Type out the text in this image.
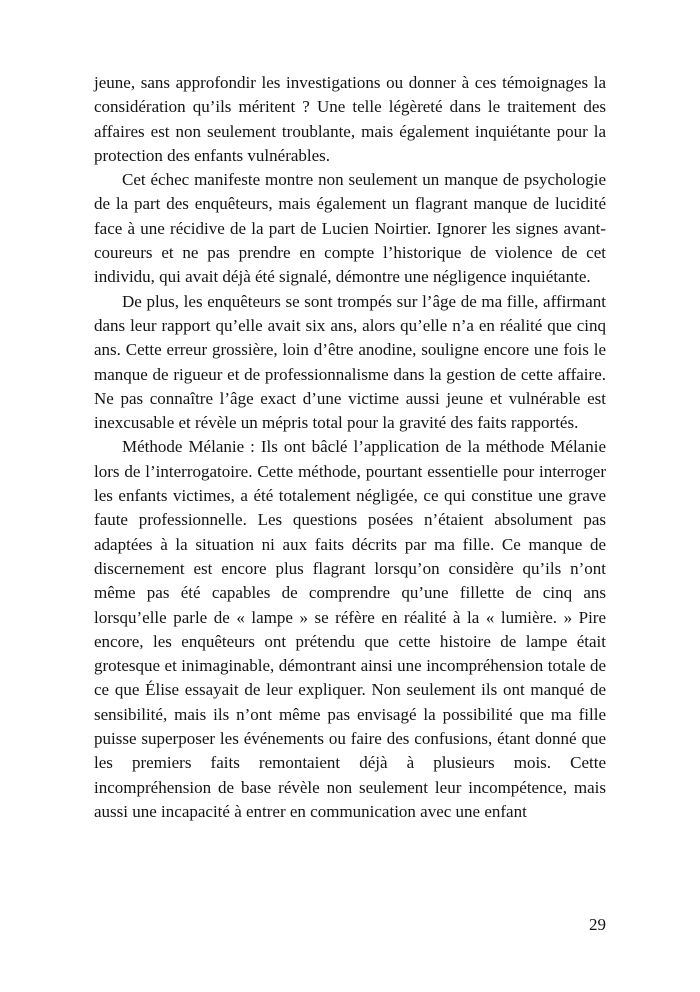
jeune, sans approfondir les investigations ou donner à ces témoignages la considération qu’ils méritent ? Une telle légèreté dans le traitement des affaires est non seulement troublante, mais également inquiétante pour la protection des enfants vulnérables.

Cet échec manifeste montre non seulement un manque de psychologie de la part des enquêteurs, mais également un flagrant manque de lucidité face à une récidive de la part de Lucien Noirtier. Ignorer les signes avant-coureurs et ne pas prendre en compte l’historique de violence de cet individu, qui avait déjà été signalé, démontre une négligence inquiétante.

De plus, les enquêteurs se sont trompés sur l’âge de ma fille, affirmant dans leur rapport qu’elle avait six ans, alors qu’elle n’a en réalité que cinq ans. Cette erreur grossière, loin d’être anodine, souligne encore une fois le manque de rigueur et de professionnalisme dans la gestion de cette affaire. Ne pas connaître l’âge exact d’une victime aussi jeune et vulnérable est inexcusable et révèle un mépris total pour la gravité des faits rapportés.

Méthode Mélanie : Ils ont bâclé l’application de la méthode Mélanie lors de l’interrogatoire. Cette méthode, pourtant essentielle pour interroger les enfants victimes, a été totalement négligée, ce qui constitue une grave faute professionnelle. Les questions posées n’étaient absolument pas adaptées à la situation ni aux faits décrits par ma fille. Ce manque de discernement est encore plus flagrant lorsqu’on considère qu’ils n’ont même pas été capables de comprendre qu’une fillette de cinq ans lorsqu’elle parle de « lampe » se réfère en réalité à la « lumière. » Pire encore, les enquêteurs ont prétendu que cette histoire de lampe était grotesque et inimaginable, démontrant ainsi une incompréhension totale de ce que Élise essayait de leur expliquer. Non seulement ils ont manqué de sensibilité, mais ils n’ont même pas envisagé la possibilité que ma fille puisse superposer les événements ou faire des confusions, étant donné que les premiers faits remontaient déjà à plusieurs mois. Cette incompréhension de base révèle non seulement leur incompétence, mais aussi une incapacité à entrer en communication avec une enfant

29
